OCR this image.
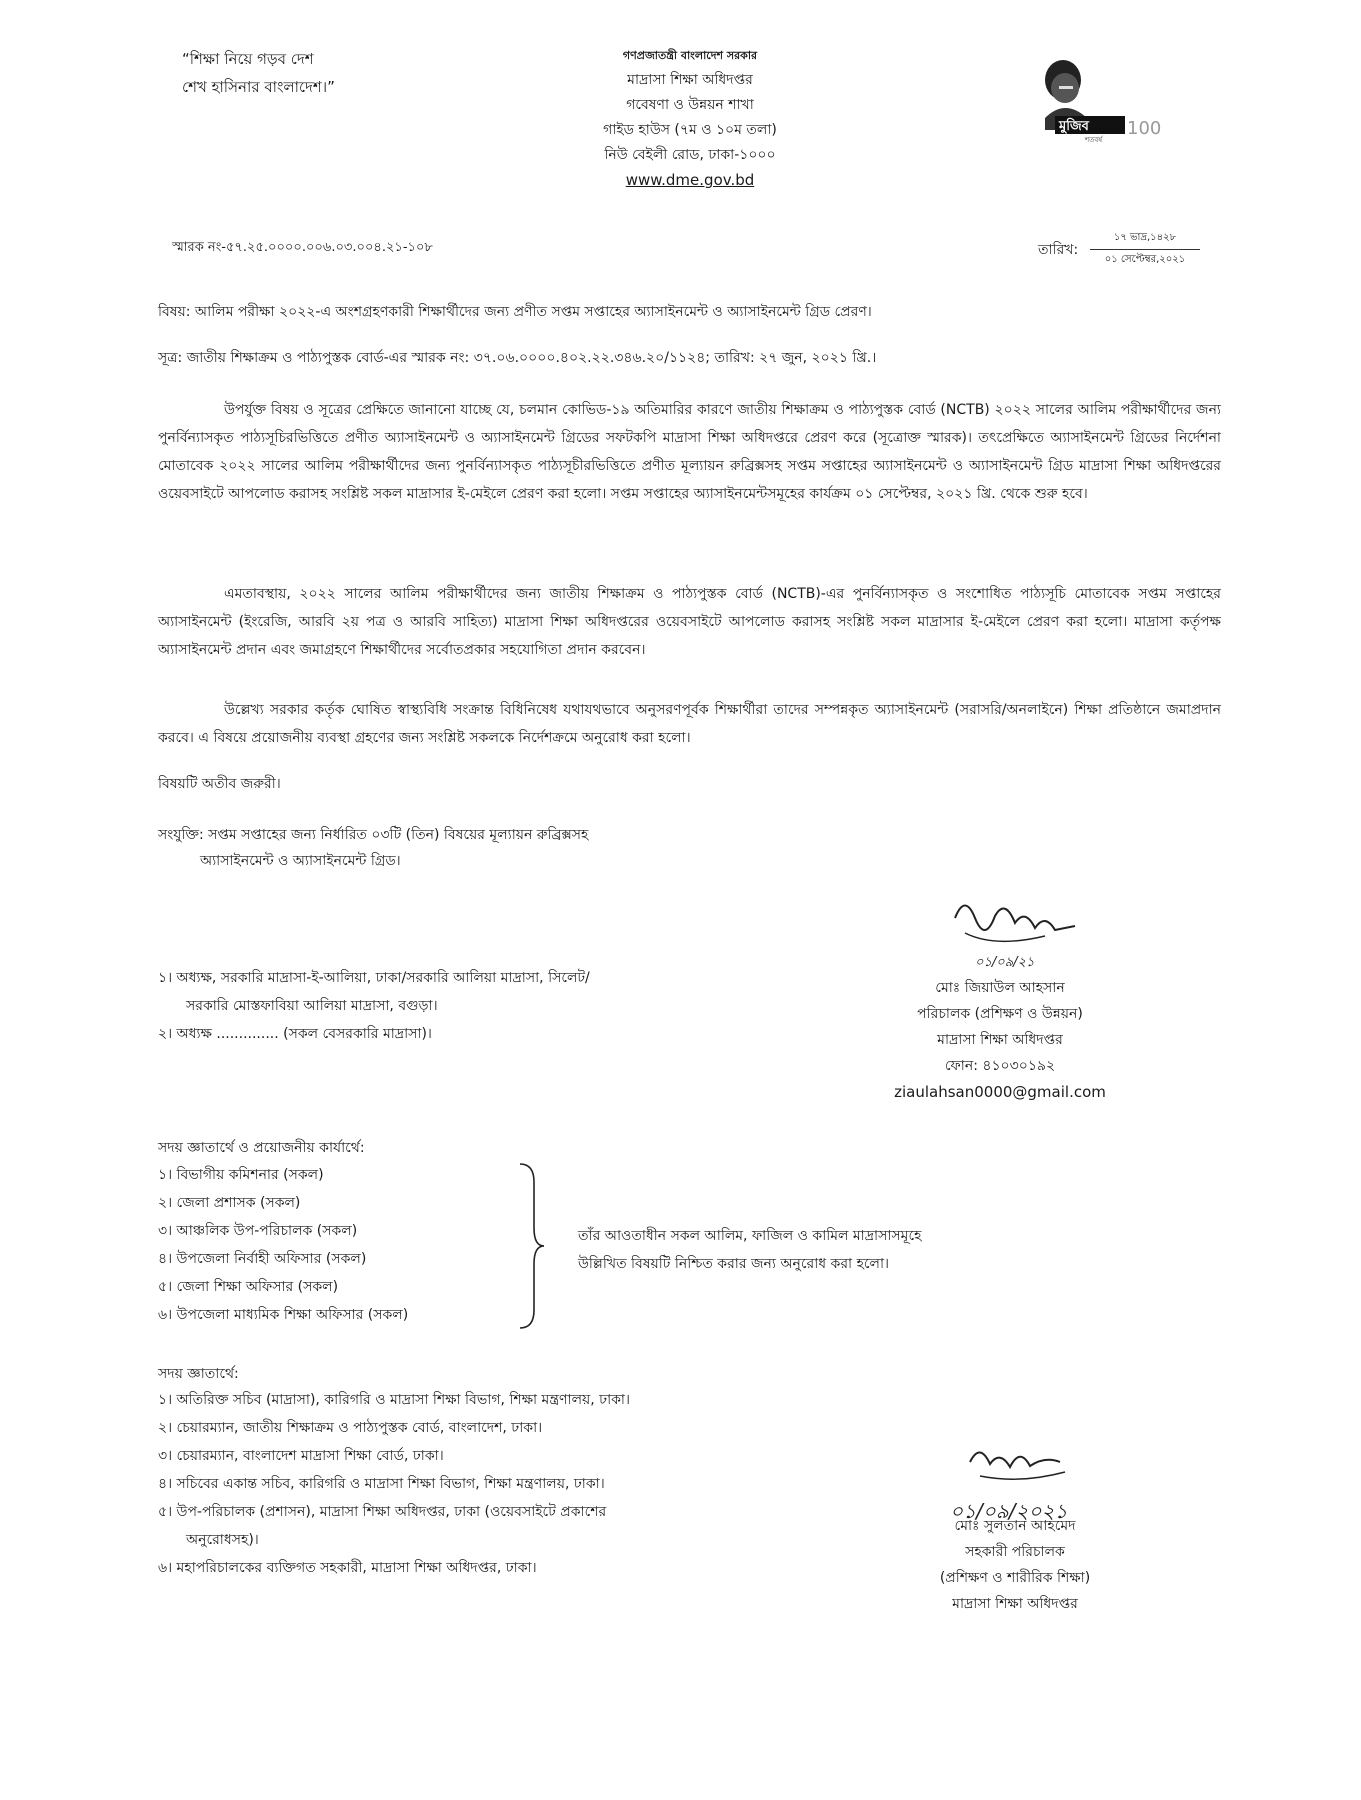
“শিক্ষা নিয়ে গড়ব দেশ
শেখ হাসিনার বাংলাদেশ।”
গণপ্রজাতন্ত্রী বাংলাদেশ সরকার
মাদ্রাসা শিক্ষা অধিদপ্তর
গবেষণা ও উন্নয়ন শাখা
গাইড হাউস (৭ম ও ১০ম তলা)
নিউ বেইলী রোড, ঢাকা-১০০০
www.dme.gov.bd
মুজিব
শতবর্ষ
100
স্মারক নং-৫৭.২৫.০০০০.০০৬.০৩.০০৪.২১-১০৮	তারিখ:
১৭ ভাদ্র,১৪২৮
০১ সেপ্টেম্বর,২০২১
বিষয়: আলিম পরীক্ষা ২০২২-এ অংশগ্রহণকারী শিক্ষার্থীদের জন্য প্রণীত সপ্তম সপ্তাহের অ্যাসাইনমেন্ট ও অ্যাসাইনমেন্ট গ্রিড প্রেরণ।
সূত্র: জাতীয় শিক্ষাক্রম ও পাঠ্যপুস্তক বোর্ড-এর স্মারক নং: ৩৭.০৬.০০০০.৪০২.২২.৩৪৬.২০/১১২৪; তারিখ: ২৭ জুন, ২০২১ খ্রি.।

উপর্যুক্ত বিষয় ও সূত্রের প্রেক্ষিতে জানানো যাচ্ছে যে, চলমান কোভিড-১৯ অতিমারির কারণে জাতীয় শিক্ষাক্রম ও পাঠ্যপুস্তক বোর্ড (NCTB) ২০২২ সালের আলিম পরীক্ষার্থীদের জন্য পুনর্বিন্যাসকৃত পাঠ্যসূচিরভিত্তিতে প্রণীত অ্যাসাইনমেন্ট ও অ্যাসাইনমেন্ট গ্রিডের সফটকপি মাদ্রাসা শিক্ষা অধিদপ্তরে প্রেরণ করে (সূত্রোক্ত স্মারক)। তৎপ্রেক্ষিতে অ্যাসাইনমেন্ট গ্রিডের নির্দেশনা মোতাবেক ২০২২ সালের আলিম পরীক্ষার্থীদের জন্য পুনর্বিন্যাসকৃত পাঠ্যসূচীরভিত্তিতে প্রণীত মূল্যায়ন রুব্রিক্সসহ সপ্তম সপ্তাহের অ্যাসাইনমেন্ট ও অ্যাসাইনমেন্ট গ্রিড মাদ্রাসা শিক্ষা অধিদপ্তরের ওয়েবসাইটে আপলোড করাসহ সংশ্লিষ্ট সকল মাদ্রাসার ই-মেইলে প্রেরণ করা হলো। সপ্তম সপ্তাহের অ্যাসাইনমেন্টসমূহের কার্যক্রম ০১ সেপ্টেম্বর, ২০২১ খ্রি. থেকে শুরু হবে।

এমতাবস্থায়, ২০২২ সালের আলিম পরীক্ষার্থীদের জন্য জাতীয় শিক্ষাক্রম ও পাঠ্যপুস্তক বোর্ড (NCTB)-এর পুনর্বিন্যাসকৃত ও সংশোধিত পাঠ্যসূচি মোতাবেক সপ্তম সপ্তাহের অ্যাসাইনমেন্ট (ইংরেজি, আরবি ২য় পত্র ও আরবি সাহিত্য) মাদ্রাসা শিক্ষা অধিদপ্তরের ওয়েবসাইটে আপলোড করাসহ সংশ্লিষ্ট সকল মাদ্রাসার ই-মেইলে প্রেরণ করা হলো। মাদ্রাসা কর্তৃপক্ষ অ্যাসাইনমেন্ট প্রদান এবং জমাগ্রহণে শিক্ষার্থীদের সর্বোতপ্রকার সহযোগিতা প্রদান করবেন।

উল্লেখ্য সরকার কর্তৃক ঘোষিত স্বাস্থ্যবিধি সংক্রান্ত বিধিনিষেধ যথাযথভাবে অনুসরণপূর্বক শিক্ষার্থীরা তাদের সম্পন্নকৃত অ্যাসাইনমেন্ট (সরাসরি/অনলাইনে) শিক্ষা প্রতিষ্ঠানে জমাপ্রদান করবে। এ বিষয়ে প্রয়োজনীয় ব্যবস্থা গ্রহণের জন্য সংশ্লিষ্ট সকলকে নির্দেশক্রমে অনুরোধ করা হলো।

বিষয়টি অতীব জরুরী।
সংযুক্তি: সপ্তম সপ্তাহের জন্য নির্ধারিত ০৩টি (তিন) বিষয়ের মূল্যায়ন রুব্রিক্সসহ
অ্যাসাইনমেন্ট ও অ্যাসাইনমেন্ট গ্রিড।
০১/০৯/২১
মোঃ জিয়াউল আহসান
পরিচালক (প্রশিক্ষণ ও উন্নয়ন)
মাদ্রাসা শিক্ষা অধিদপ্তর
ফোন: ৪১০৩০১৯২
ziaulahsan0000@gmail.com
১। অধ্যক্ষ, সরকারি মাদ্রাসা-ই-আলিয়া, ঢাকা/সরকারি আলিয়া মাদ্রাসা, সিলেট/
সরকারি মোস্তফাবিয়া আলিয়া মাদ্রাসা, বগুড়া।
২। অধ্যক্ষ .............. (সকল বেসরকারি মাদ্রাসা)।
সদয় জ্ঞাতার্থে ও প্রয়োজনীয় কার্যার্থে:
১। বিভাগীয় কমিশনার (সকল)
২। জেলা প্রশাসক (সকল)
৩। আঞ্চলিক উপ-পরিচালক (সকল)
৪। উপজেলা নির্বাহী অফিসার (সকল)
৫। জেলা শিক্ষা অফিসার (সকল)
৬। উপজেলা মাধ্যমিক শিক্ষা অফিসার (সকল)
তাঁর আওতাধীন সকল আলিম, ফাজিল ও কামিল মাদ্রাসাসমূহে উল্লিখিত বিষয়টি নিশ্চিত করার জন্য অনুরোধ করা হলো।
সদয় জ্ঞাতার্থে:
১। অতিরিক্ত সচিব (মাদ্রাসা), কারিগরি ও মাদ্রাসা শিক্ষা বিভাগ, শিক্ষা মন্ত্রণালয়, ঢাকা।
২। চেয়ারম্যান, জাতীয় শিক্ষাক্রম ও পাঠ্যপুস্তক বোর্ড, বাংলাদেশ, ঢাকা।
৩। চেয়ারম্যান, বাংলাদেশ মাদ্রাসা শিক্ষা বোর্ড, ঢাকা।
৪। সচিবের একান্ত সচিব, কারিগরি ও মাদ্রাসা শিক্ষা বিভাগ, শিক্ষা মন্ত্রণালয়, ঢাকা।
৫। উপ-পরিচালক (প্রশাসন), মাদ্রাসা শিক্ষা অধিদপ্তর, ঢাকা (ওয়েবসাইটে প্রকাশের
অনুরোধসহ)।
৬। মহাপরিচালকের ব্যক্তিগত সহকারী, মাদ্রাসা শিক্ষা অধিদপ্তর, ঢাকা।
০১/০৯/২০২১
মোঃ সুলতান আহমেদ
সহকারী পরিচালক
(প্রশিক্ষণ ও শারীরিক শিক্ষা)
মাদ্রাসা শিক্ষা অধিদপ্তর
